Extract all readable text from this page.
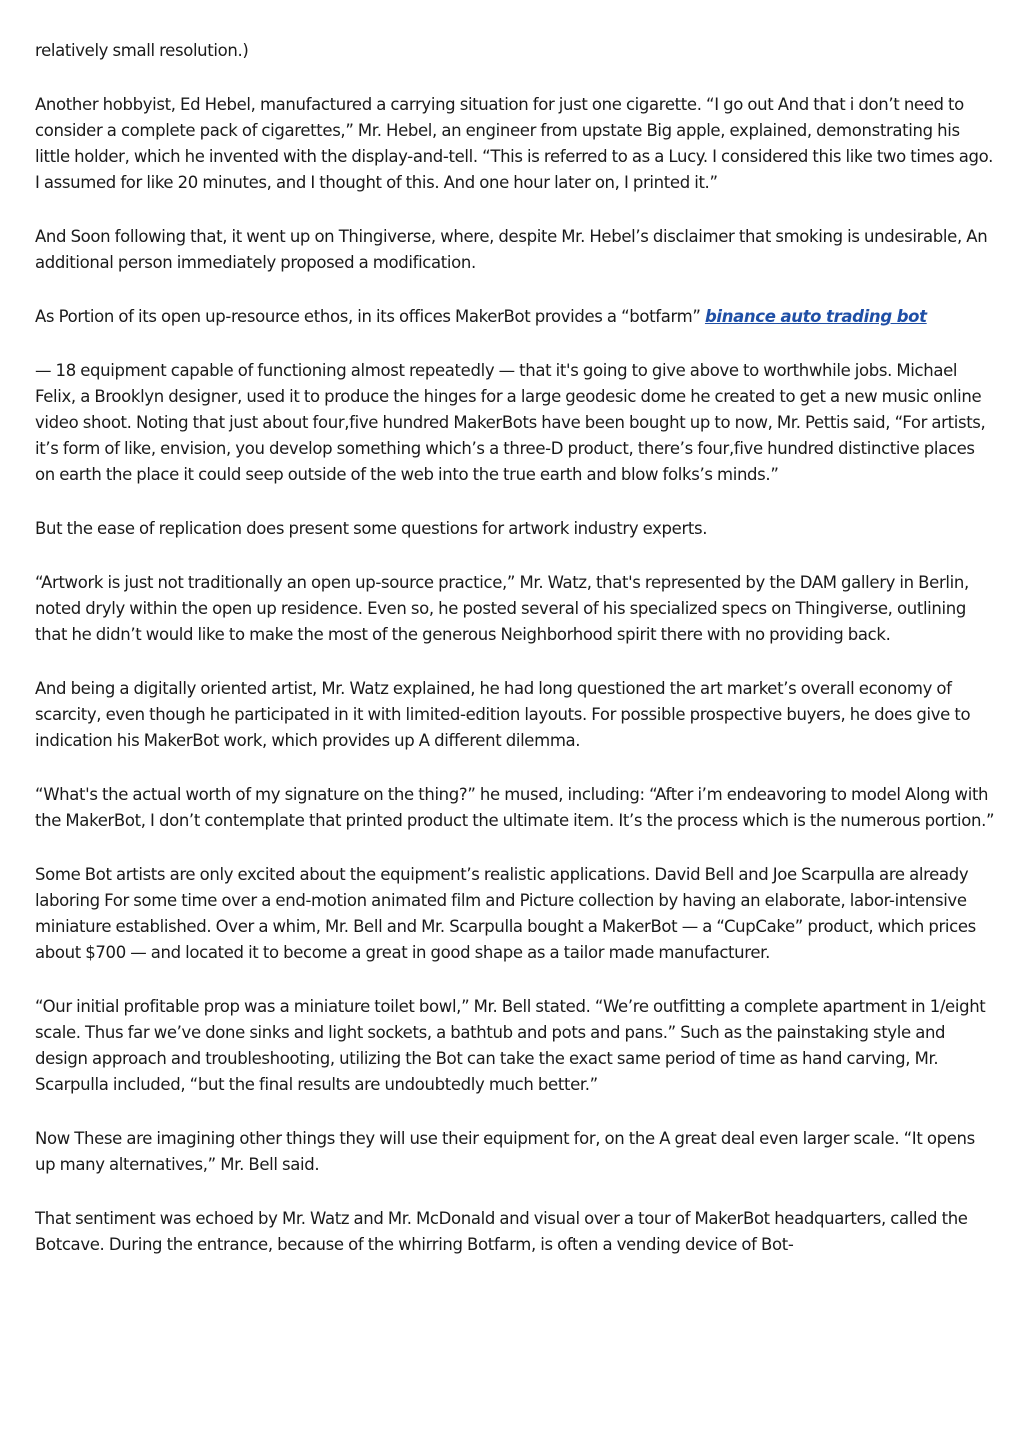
relatively small resolution.)

Another hobbyist, Ed Hebel, manufactured a carrying situation for just one cigarette. “I go out And that i don’t need to consider a complete pack of cigarettes,” Mr. Hebel, an engineer from upstate Big apple, explained, demonstrating his little holder, which he invented with the display-and-tell. “This is referred to as a Lucy. I considered this like two times ago. I assumed for like 20 minutes, and I thought of this. And one hour later on, I printed it.”

And Soon following that, it went up on Thingiverse, where, despite Mr. Hebel’s disclaimer that smoking is undesirable, An additional person immediately proposed a modification.

As Portion of its open up-resource ethos, in its offices MakerBot provides a “botfarm” binance auto trading bot

— 18 equipment capable of functioning almost repeatedly — that it's going to give above to worthwhile jobs. Michael Felix, a Brooklyn designer, used it to produce the hinges for a large geodesic dome he created to get a new music online video shoot. Noting that just about four,five hundred MakerBots have been bought up to now, Mr. Pettis said, “For artists, it’s form of like, envision, you develop something which’s a three-D product, there’s four,five hundred distinctive places on earth the place it could seep outside of the web into the true earth and blow folks’s minds.”

But the ease of replication does present some questions for artwork industry experts.

“Artwork is just not traditionally an open up-source practice,” Mr. Watz, that's represented by the DAM gallery in Berlin, noted dryly within the open up residence. Even so, he posted several of his specialized specs on Thingiverse, outlining that he didn’t would like to make the most of the generous Neighborhood spirit there with no providing back.

And being a digitally oriented artist, Mr. Watz explained, he had long questioned the art market’s overall economy of scarcity, even though he participated in it with limited-edition layouts. For possible prospective buyers, he does give to indication his MakerBot work, which provides up A different dilemma.

“What's the actual worth of my signature on the thing?” he mused, including: “After i’m endeavoring to model Along with the MakerBot, I don’t contemplate that printed product the ultimate item. It’s the process which is the numerous portion.”

Some Bot artists are only excited about the equipment’s realistic applications. David Bell and Joe Scarpulla are already laboring For some time over a end-motion animated film and Picture collection by having an elaborate, labor-intensive miniature established. Over a whim, Mr. Bell and Mr. Scarpulla bought a MakerBot — a “CupCake” product, which prices about $700 — and located it to become a great in good shape as a tailor made manufacturer.

“Our initial profitable prop was a miniature toilet bowl,” Mr. Bell stated. “We’re outfitting a complete apartment in 1/eight scale. Thus far we’ve done sinks and light sockets, a bathtub and pots and pans.” Such as the painstaking style and design approach and troubleshooting, utilizing the Bot can take the exact same period of time as hand carving, Mr. Scarpulla included, “but the final results are undoubtedly much better.”

Now These are imagining other things they will use their equipment for, on the A great deal even larger scale. “It opens up many alternatives,” Mr. Bell said.

That sentiment was echoed by Mr. Watz and Mr. McDonald and visual over a tour of MakerBot headquarters, called the Botcave. During the entrance, because of the whirring Botfarm, is often a vending device of Bot-
